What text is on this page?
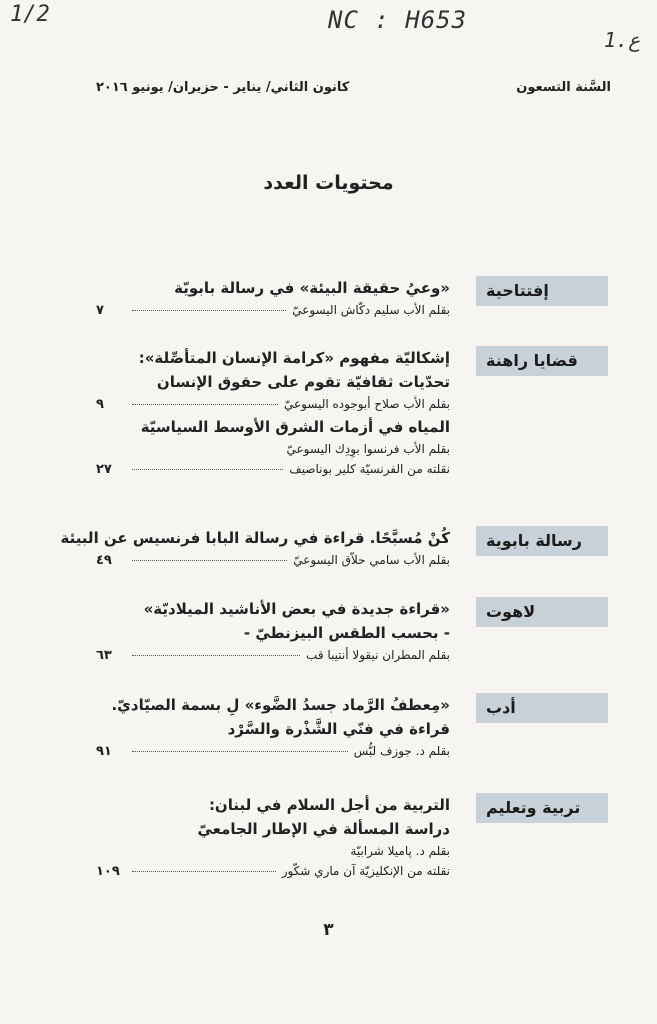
1/2	NC : H653
1.ع
السَّنة التسعون
كانون الثاني/ يناير - حزيران/ يونيو ٢٠١٦
محتويات العدد
إفتتاحية
«وعيُ حقيقة البيئة» في رسالة بابويّة
بقلم الأب سليم دكّاش اليسوعيّ
٧
قضايا راهنة
إشكاليّة مفهوم «كرامة الإنسان المتأصِّلة»:
تحدّيات ثقافيّة تقوم على حقوق الإنسان
بقلم الأب صلاح أبوجوده اليسوعيّ
٩
المياه في أزمات الشرق الأوسط السياسيّة
بقلم الأب فرنسوا بوِدِك اليسوعيّ
نقلته من الفرنسيّة كلير بوناصيف
٢٧
رسالة بابوية
كُنْ مُسبَّحًا. قراءة في رسالة البابا فرنسيس عن البيئة
بقلم الأب سامي حلاّق اليسوعيّ
٤٩
لاهوت
«قراءة جديدة في بعض الأناشيد الميلاديّة»
- بحسب الطقس البيزنطيّ -
بقلم المطران نيقولا أنتيبا قب
٦٣
أدب
«مِعطفُ الرَّماد جسدُ الضَّوء» لِ بسمة الصيّاديّ.
قراءة في فنّي الشَّذْرة والسَّرْد
بقلم د. جوزف لبُّس
٩١
تربية وتعليم
التربية من أجل السلام في لبنان:
دراسة المسألة في الإطار الجامعيّ
بقلم د. پاميلا شرابيّة
نقلته من الإنكليزيّة آن ماري شكّور
١٠٩
٣
